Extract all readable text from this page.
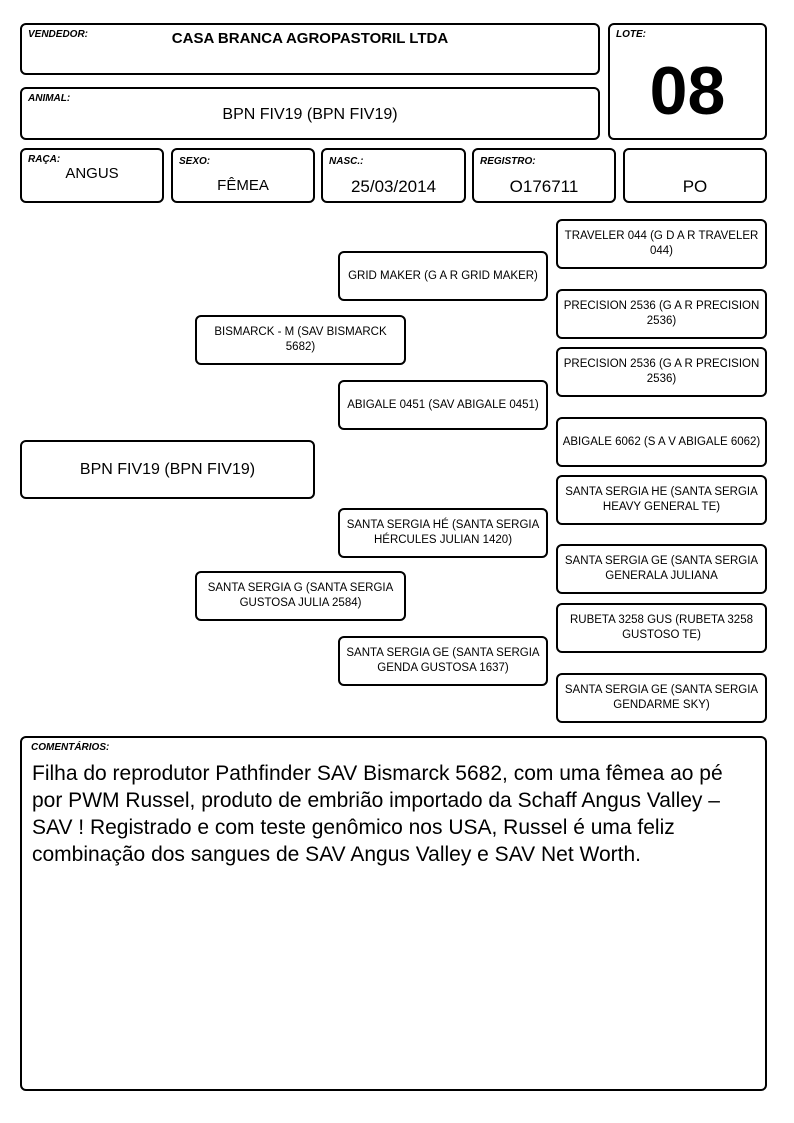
VENDEDOR:	CASA BRANCA AGROPASTORIL LTDA	LOTE:
08
ANIMAL:
BPN FIV19 (BPN FIV19)
RAÇA:
ANGUS
SEXO:
FÊMEA
NASC.:
25/03/2014
REGISTRO:
O176711	PO
BPN FIV19 (BPN FIV19)
BISMARCK - M (SAV BISMARCK 5682)
SANTA SERGIA G (SANTA SERGIA GUSTOSA JULIA 2584)
GRID MAKER (G A R GRID MAKER)
ABIGALE 0451 (SAV ABIGALE 0451)
SANTA SERGIA HÉ (SANTA SERGIA HÉRCULES JULIAN 1420)
SANTA SERGIA GE (SANTA SERGIA GENDA GUSTOSA 1637)
TRAVELER 044 (G D A R TRAVELER 044)
PRECISION 2536 (G A R PRECISION 2536)
PRECISION 2536 (G A R PRECISION 2536)
ABIGALE 6062 (S A V ABIGALE 6062)
SANTA SERGIA HE (SANTA SERGIA HEAVY GENERAL TE)
SANTA SERGIA GE (SANTA SERGIA GENERALA JULIANA
RUBETA 3258 GUS (RUBETA 3258 GUSTOSO TE)
SANTA SERGIA GE (SANTA SERGIA GENDARME SKY)
COMENTÁRIOS:
Filha do reprodutor Pathfinder SAV Bismarck 5682, com uma fêmea ao pé por PWM Russel, produto de embrião importado da Schaff Angus Valley – SAV ! Registrado e com teste genômico nos USA, Russel é uma feliz combinação dos sangues de SAV Angus Valley e SAV Net Worth.
